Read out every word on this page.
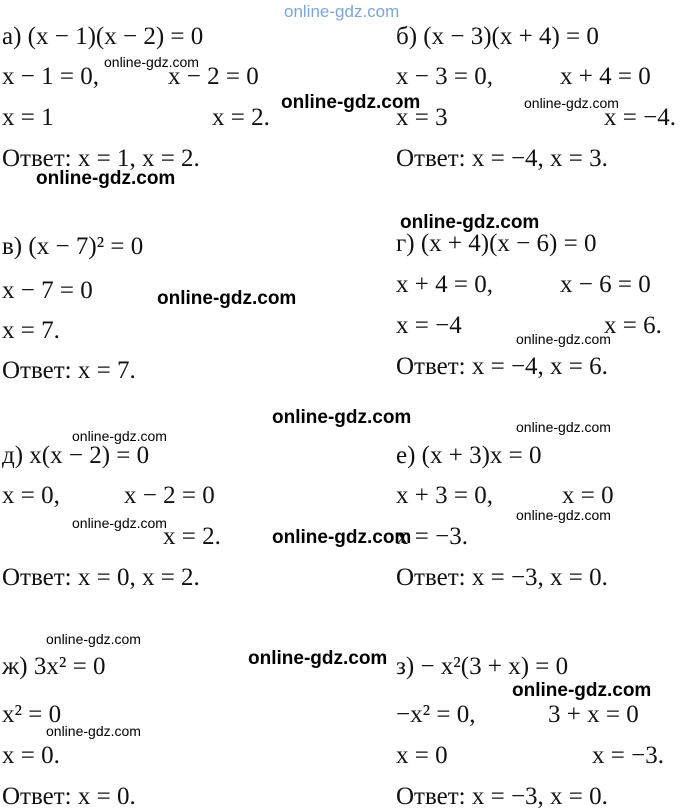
online-gdz.com
а) (x − 1)(x − 2) = 0
x − 1 = 0,	x − 2 = 0
x = 1	x = 2.
Ответ: x = 1, x = 2.
б) (x − 3)(x + 4) = 0
x − 3 = 0,	x + 4 = 0
x = 3	x = −4.
Ответ: x = −4, x = 3.
в) (x − 7)² = 0
x − 7 = 0
x = 7.
Ответ: x = 7.
г) (x + 4)(x − 6) = 0
x + 4 = 0,	x − 6 = 0
x = −4	x = 6.
Ответ: x = −4, x = 6.
д) x(x − 2) = 0
x = 0,	x − 2 = 0
x = 2.
Ответ: x = 0, x = 2.
е) (x + 3)x = 0
x + 3 = 0,	x = 0
x = −3.
Ответ: x = −3, x = 0.
ж) 3x² = 0
x² = 0
x = 0.
Ответ: x = 0.
з) − x²(3 + x) = 0
−x² = 0,	3 + x = 0
x = 0	x = −3.
Ответ: x = −3, x = 0.
online-gdz.com
online-gdz.com	online-gdz.com
online-gdz.com
online-gdz.com
online-gdz.com
online-gdz.com
online-gdz.com
online-gdz.com
online-gdz.com
online-gdz.com	online-gdz.com
online-gdz.com
online-gdz.com
online-gdz.com
online-gdz.com
online-gdz.com
